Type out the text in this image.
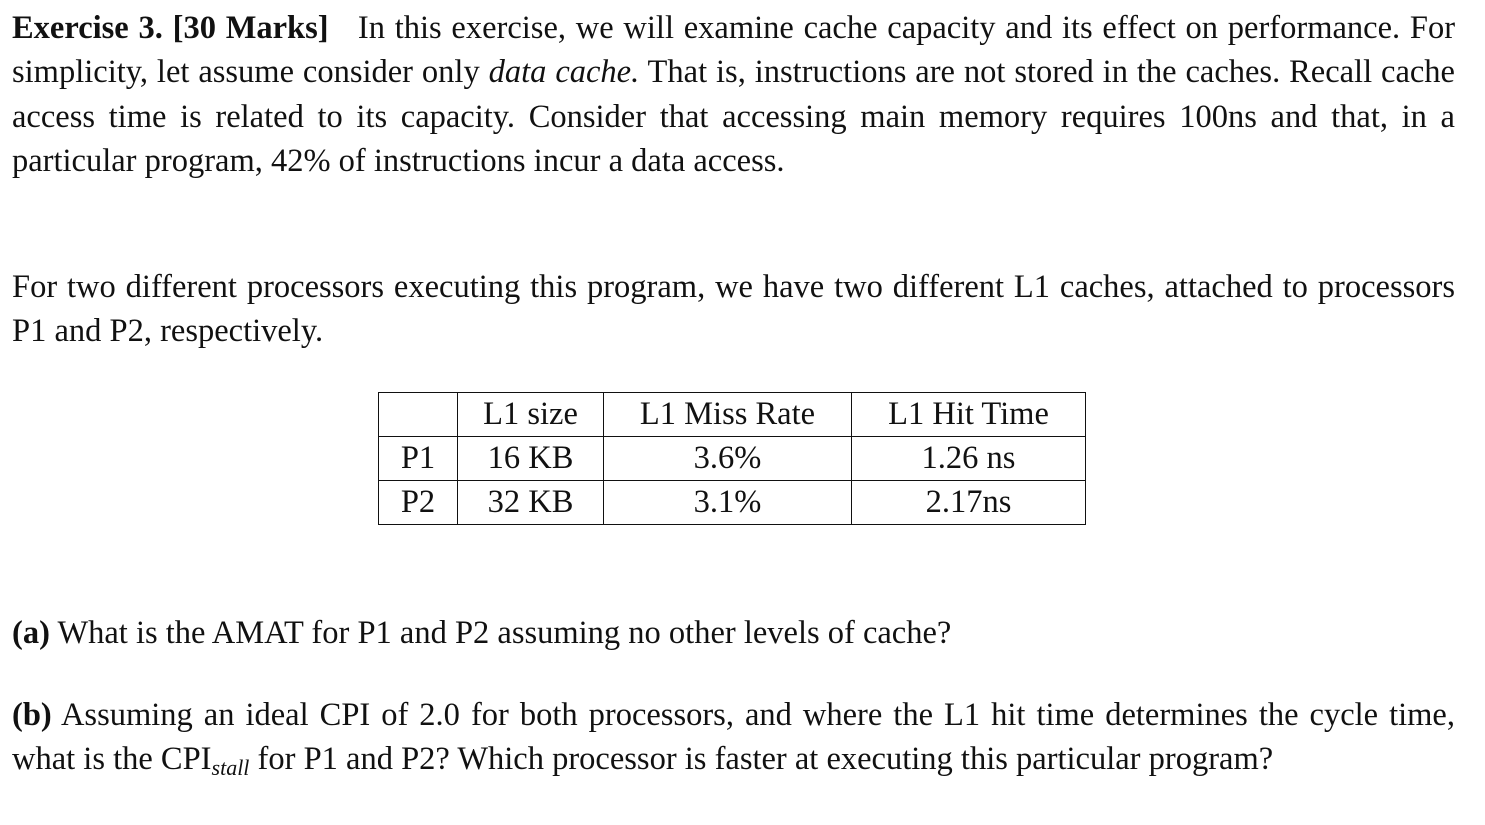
Exercise 3. [30 Marks] In this exercise, we will examine cache capacity and its effect on performance. For simplicity, let assume consider only data cache. That is, instructions are not stored in the caches. Recall cache access time is related to its capacity. Consider that accessing main memory requires 100ns and that, in a particular program, 42% of instructions incur a data access.
For two different processors executing this program, we have two different L1 caches, attached to processors P1 and P2, respectively.
	L1 size	L1 Miss Rate	L1 Hit Time
P1	16 KB	3.6%	1.26 ns
P2	32 KB	3.1%	2.17ns
(a) What is the AMAT for P1 and P2 assuming no other levels of cache?
(b) Assuming an ideal CPI of 2.0 for both processors, and where the L1 hit time determines the cycle time, what is the $CPI_{stall}$ for P1 and P2? Which processor is faster at executing this particular program?
